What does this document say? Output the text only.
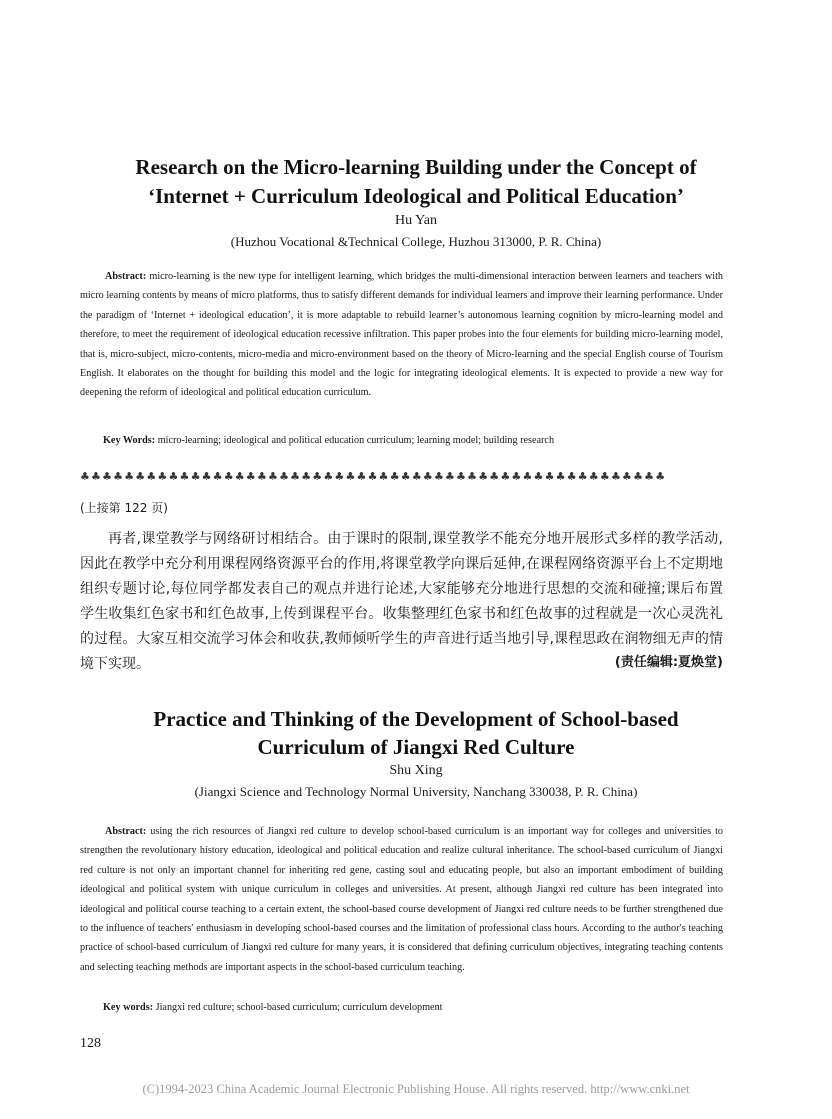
Research on the Micro-learning Building under the Concept of
‘Internet + Curriculum Ideological and Political Education’
Hu Yan
(Huzhou Vocational &Technical College, Huzhou 313000, P. R. China)
Abstract: micro-learning is the new type for intelligent learning, which bridges the multi-dimensional interaction between learners and teachers with micro learning contents by means of micro platforms, thus to satisfy different demands for individual learners and improve their learning performance. Under the paradigm of ‘Internet + ideological education’, it is more adaptable to rebuild learner’s autonomous learning cognition by micro-learning model and therefore, to meet the requirement of ideological education recessive infiltration. This paper probes into the four elements for building micro-learning model, that is, micro-subject, micro-contents, micro-media and micro-environment based on the theory of Micro-learning and the special English course of Tourism English. It elaborates on the thought for building this model and the logic for integrating ideological elements. It is expected to provide a new way for deepening the reform of ideological and political education curriculum.
Key Words: micro-learning; ideological and political education curriculum; learning model; building research
♣♣♣♣♣♣♣♣♣♣♣♣♣♣♣♣♣♣♣♣♣♣♣♣♣♣♣♣♣♣♣♣♣♣♣♣♣♣♣♣♣♣♣♣♣♣♣♣♣♣♣♣♣
(上接第 122 页)
再者,课堂教学与网络研讨相结合。由于课时的限制,课堂教学不能充分地开展形式多样的教学活动,因此在教学中充分利用课程网络资源平台的作用,将课堂教学向课后延伸,在课程网络资源平台上不定期地组织专题讨论,每位同学都发表自己的观点并进行论述,大家能够充分地进行思想的交流和碰撞;课后布置学生收集红色家书和红色故事,上传到课程平台。收集整理红色家书和红色故事的过程就是一次心灵洗礼的过程。大家互相交流学习体会和收获,教师倾听学生的声音进行适当地引导,课程思政在润物细无声的情境下实现。	(责任编辑:夏焕堂)
Practice and Thinking of the Development of School-based
Curriculum of Jiangxi Red Culture
Shu Xing
(Jiangxi Science and Technology Normal University, Nanchang 330038, P. R. China)
Abstract: using the rich resources of Jiangxi red culture to develop school-based curriculum is an important way for colleges and universities to strengthen the revolutionary history education, ideological and political education and realize cultural inheritance. The school-based curriculum of Jiangxi red culture is not only an important channel for inheriting red gene, casting soul and educating people, but also an important embodiment of building ideological and political system with unique curriculum in colleges and universities. At present, although Jiangxi red culture has been integrated into ideological and political course teaching to a certain extent, the school-based course development of Jiangxi red culture needs to be further strengthened due to the influence of teachers′ enthusiasm in developing school-based courses and the limitation of professional class hours. According to the author′s teaching practice of school-based curriculum of Jiangxi red culture for many years, it is considered that defining curriculum objectives, integrating teaching contents and selecting teaching methods are important aspects in the school-based curriculum teaching.
Key words: Jiangxi red culture; school-based curriculum; curriculum development
128
(C)1994-2023 China Academic Journal Electronic Publishing House. All rights reserved. http://www.cnki.net
